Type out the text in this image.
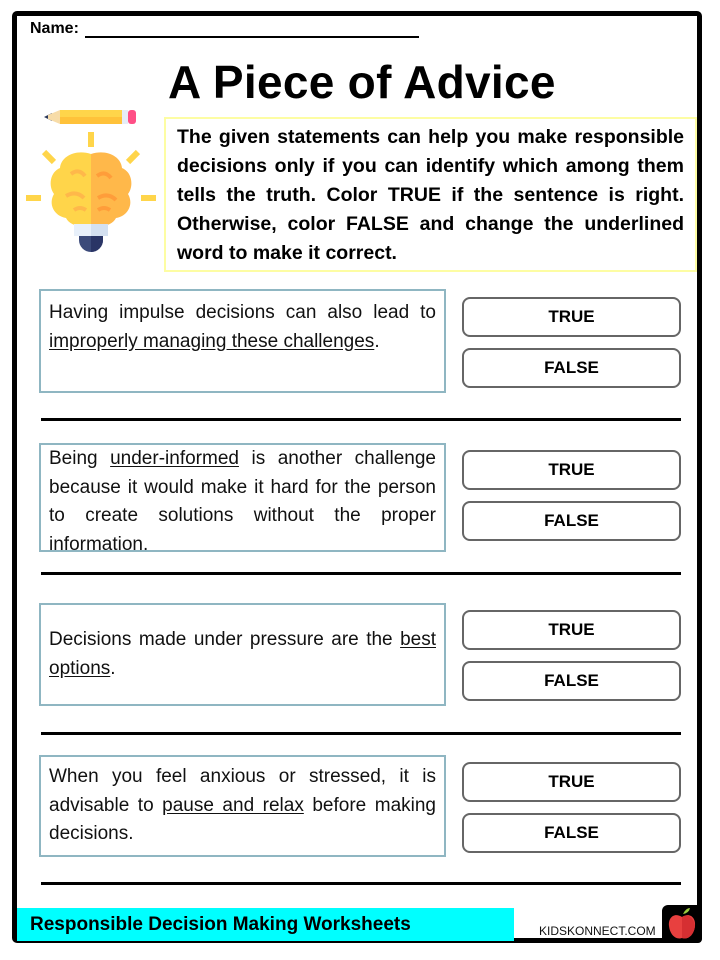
Name:
A Piece of Advice
The given statements can help you make responsible decisions only if you can identify which among them tells the truth. Color TRUE if the sentence is right. Otherwise, color FALSE and change the underlined word to make it correct.
Having impulse decisions can also lead to improperly managing these challenges.
TRUE
FALSE
Being under-informed is another challenge because it would make it hard for the person to create solutions without the proper information.
TRUE
FALSE
Decisions made under pressure are the best options.
TRUE
FALSE
When you feel anxious or stressed, it is advisable to pause and relax before making decisions.
TRUE
FALSE
Responsible Decision Making Worksheets	KIDSKONNECT.COM
